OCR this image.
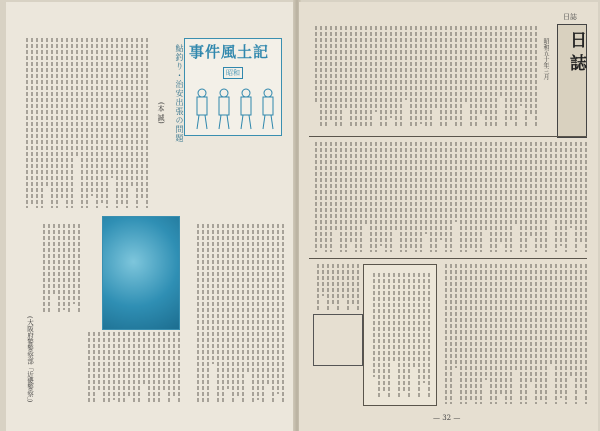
鮎釣り・治安出張の問題
(本 誠)
事件風土記
昭和
(大阪府警警察部「近畿警察」)
日誌
日誌
昭和五十年三月
— 32 —
